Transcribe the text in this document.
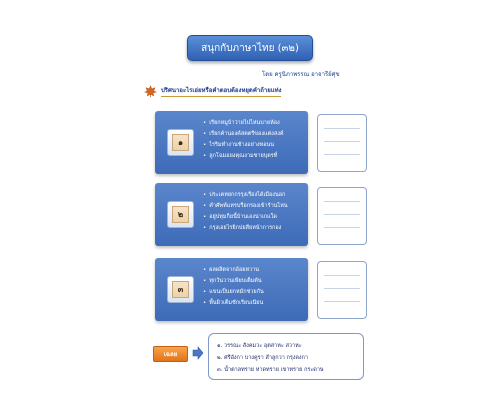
สนุกกับภาษาไทย (๓๒)
โดย ครูนิภาพรรณ อาจารีย์ศุข
ปริศนาอะไรเอ่ยหรือคำตอบต้องหยุดคำถ้ายแท่ง
๑
• เรียกหมูบ้าว่ายไปไหนบายห้อง
• เรียกค้านองค์สตตรีของแต่งสงค์
• ไรริมทำงานช้างอย่างทอนน
• ลูกโฉมอยงคุณงามชายบุตรที่
๒
• ประเคหยกกรรุงเรืองได้เมืองนอก
• คำศัพท์แหรบรือกรองเข้าร้านไหน
• อยู่ปทุมก็ยนี้บ้านเองน่าเกแใด
• กรุงเอยไรยิกปยสียหน้าการกอง
๓
• ผลผลิตจากอ้อยหวาน
• ทุกวันวานเพียบเต็มต้น
• แขนเป็นยกหมักช่วยกัน
• พื้นผิวเต็มชักเรียบเนียน
เฉลย
๑. วรรณะ สังคมวะ อุตสาหะ สวาหะ
๒. ศรีอังกา บางคูรา สำลูกวา กรุงลงกา
๓. น้ำตาลทราย หาดทราย เขาทราย กระดาษ
